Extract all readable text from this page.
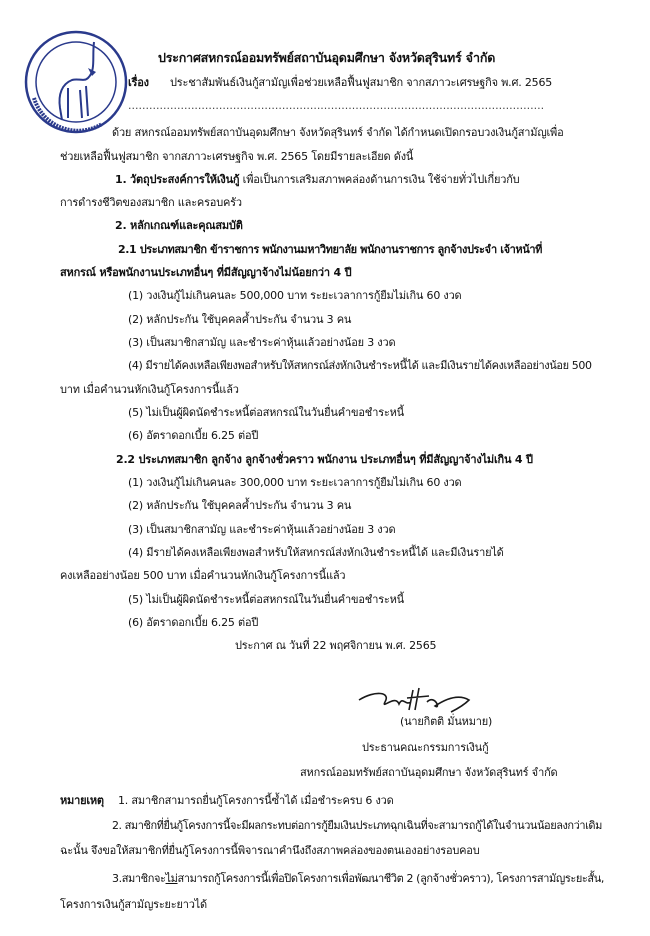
ประกาศสหกรณ์ออมทรัพย์สถาบันอุดมศึกษา จังหวัดสุรินทร์ จำกัด
เรื่อง ประชาสัมพันธ์เงินกู้สามัญเพื่อช่วยเหลือฟื้นฟูสมาชิก จากสภาวะเศรษฐกิจ พ.ศ. 2565
.......................................................................................................................
ด้วย สหกรณ์ออมทรัพย์สถาบันอุดมศึกษา จังหวัดสุรินทร์ จำกัด ได้กำหนดเปิดกรอบวงเงินกู้สามัญเพื่อ
ช่วยเหลือฟื้นฟูสมาชิก จากสภาวะเศรษฐกิจ พ.ศ. 2565 โดยมีรายละเอียด ดังนี้
1. วัตถุประสงค์การให้เงินกู้ เพื่อเป็นการเสริมสภาพคล่องด้านการเงิน ใช้จ่ายทั่วไปเกี่ยวกับ
การดำรงชีวิตของสมาชิก และครอบครัว
2. หลักเกณฑ์และคุณสมบัติ
2.1 ประเภทสมาชิก ข้าราชการ พนักงานมหาวิทยาลัย พนักงานราชการ ลูกจ้างประจำ เจ้าหน้าที่
สหกรณ์ หรือพนักงานประเภทอื่นๆ ที่มีสัญญาจ้างไม่น้อยกว่า 4 ปี
(1) วงเงินกู้ไม่เกินคนละ 500,000 บาท ระยะเวลาการกู้ยืมไม่เกิน 60 งวด
(2) หลักประกัน ใช้บุคคลค้ำประกัน จำนวน 3 คน
(3) เป็นสมาชิกสามัญ และชำระค่าหุ้นแล้วอย่างน้อย 3 งวด
(4) มีรายได้คงเหลือเพียงพอสำหรับให้สหกรณ์ส่งหักเงินชำระหนี้ได้ และมีเงินรายได้คงเหลืออย่างน้อย 500
บาท เมื่อคำนวนหักเงินกู้โครงการนี้แล้ว
(5) ไม่เป็นผู้ผิดนัดชำระหนี้ต่อสหกรณ์ในวันยื่นคำขอชำระหนี้
(6) อัตราดอกเบี้ย 6.25 ต่อปี
2.2 ประเภทสมาชิก ลูกจ้าง ลูกจ้างชั่วคราว พนักงาน ประเภทอื่นๆ ที่มีสัญญาจ้างไม่เกิน 4 ปี
(1) วงเงินกู้ไม่เกินคนละ 300,000 บาท ระยะเวลาการกู้ยืมไม่เกิน 60 งวด
(2) หลักประกัน ใช้บุคคลค้ำประกัน จำนวน 3 คน
(3) เป็นสมาชิกสามัญ และชำระค่าหุ้นแล้วอย่างน้อย 3 งวด
(4) มีรายได้คงเหลือเพียงพอสำหรับให้สหกรณ์ส่งหักเงินชำระหนี้ได้ และมีเงินรายได้
คงเหลืออย่างน้อย 500 บาท เมื่อคำนวนหักเงินกู้โครงการนี้แล้ว
(5) ไม่เป็นผู้ผิดนัดชำระหนี้ต่อสหกรณ์ในวันยื่นคำขอชำระหนี้
(6) อัตราดอกเบี้ย 6.25 ต่อปี
ประกาศ ณ วันที่ 22 พฤศจิกายน พ.ศ. 2565
(นายกิตติ มั่นหมาย)
ประธานคณะกรรมการเงินกู้
สหกรณ์ออมทรัพย์สถาบันอุดมศึกษา จังหวัดสุรินทร์ จำกัด
หมายเหตุ 1. สมาชิกสามารถยื่นกู้โครงการนี้ซ้ำได้ เมื่อชำระครบ 6 งวด
2. สมาชิกที่ยื่นกู้โครงการนี้จะมีผลกระทบต่อการกู้ยืมเงินประเภทฉุกเฉินที่จะสามารถกู้ได้ในจำนวนน้อยลงกว่าเดิม
ฉะนั้น จึงขอให้สมาชิกที่ยื่นกู้โครงการนี้พิจารณาคำนึงถึงสภาพคล่องของตนเองอย่างรอบคอบ
3.สมาชิกจะไม่สามารถกู้โครงการนี้เพื่อปิดโครงการเพื่อพัฒนาชีวิต 2 (ลูกจ้างชั่วคราว), โครงการสามัญระยะสั้น,
โครงการเงินกู้สามัญระยะยาวได้
